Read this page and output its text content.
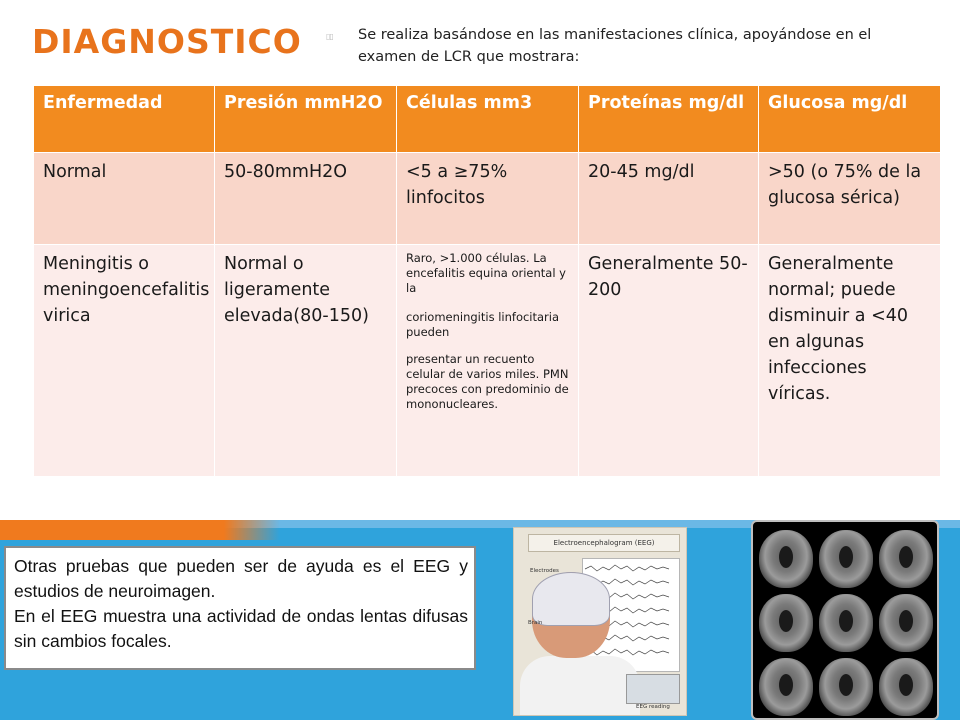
DIAGNOSTICO ▯▯	Se realiza basándose en las manifestaciones clínica, apoyándose en el examen de LCR que mostrara:
Enfermedad	Presión mmH2O	Células mm3	Proteínas mg/dl	Glucosa mg/dl
Normal	50-80mmH2O	<5 a ≥75% linfocitos	20-45 mg/dl	>50 (o 75% de la glucosa sérica)
Meningitis o meningoencefalitis virica	Normal o ligeramente elevada(80-150)	Raro, >1.000 células. La encefalitis equina oriental y la
coriomeningitis linfocitaria pueden
presentar un recuento celular de varios miles. PMN precoces con predominio de mononucleares.	Generalmente 50-200	Generalmente normal; puede disminuir a <40 en algunas infecciones víricas.

Otras pruebas que pueden ser de ayuda es el EEG y estudios de neuroimagen.

En el EEG muestra una actividad de ondas lentas difusas sin cambios focales.

Electroencephalogram (EEG)
Electrodes
Brain
EEG reading
